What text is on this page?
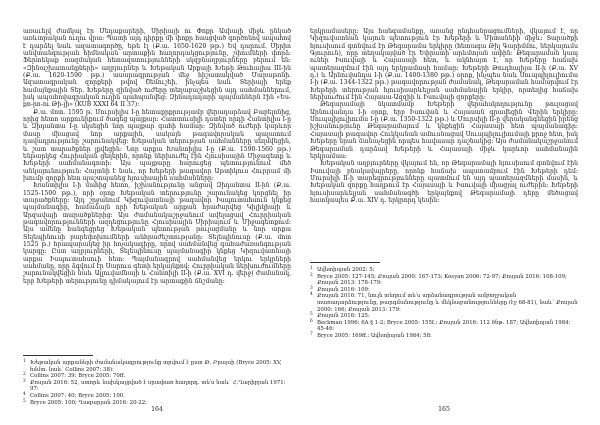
առաւելվ ժամկալ էր Մեդաքարերի, Սիրիայի ու Փոքր Ասիայի միջև ընկած առևտրական ուղու վրա։ Պատի այդ դիրքը մի փոքր հասցված գործոնով ապահով է դարձել նաև ազատագործը, եթե էլ (Ք.ա. 1650-1620 թթ.) Եվ դարում. Սիրիո անվտանգության հիմնական արտաքին հաղորդակցությունը, շփումների փորձ։ Ֆերտեկաք ռազմական հետազոտությունների սկզբնաղբյուրները բերում են։ «Զինաշխատանքների» աղբյուրներ և Խեթական Արքայի Խեթի Թուհալիա III-ին (Ք.ա. 1620-1590 թթ.) ասարագրության մեջ հիշատակված Մարաթոնի. Ազատագրական զորքերի թվով Շեմուշեի, ինչպես նաև Տերիայի երեք համայնքային Տեր. Խեթերը զինված ուժերը տեղաբաշխեցին այդ սահմաններում, իսկ ապահովագրական ուղին պահպանվեց։ Զինադադարի պայմաններն էին «Ես-քո-րո-ու Թի-յի» (KUB XXXI 64 II 37)։

Ք.ա. մոտ. 1595 թ. Մուրսիլիս I-ը հետաքրքրությամբ վերադարձավ Բաբելոնից, որից հետո արքունիքում ծագեց պայքար։ Հատտուսիլի դստեր որդի Հանտիլիս I-ը և Զիդանտա I-ը սկսեցին նոր պայքար գահի համար։ Զինված ուժերի կարևոր մասը միացավ նոր արքային, սակայն թագավորական պալատում դավադրությունը շարունակվեց։ Խեթական տերության սահմանները սեղմվեցին, և շատ տարածքներ լքվեցին։ Նոր արքա Խանտիլիս I-ը (Ք.ա. 1590-1560 թթ.) ենթարկեց Հուրիական ցեղերին, որոնք ներխուժել էին Հյուսիսային Միջագետք և Խեթերի սահմանագոտի։ Այս պայքարը հարուցեց պետությունում մեծ անկայունություն։ Հայտնի է նաև, որ Խեթերի թագավոր Աթտիկուս Հուրրամ մի խումբ զորքի հետ պաշտպանեց հյուսիսային սահմանները։

Խանտիլիս I-ի մահից հետո, իշխանությունը անցավ Զիդանտա II-ին (Ք.ա. 1525-1500 թթ.), որի օրոք Խեթական տերությունը շարունակեց կորցնել իր տարածքները։ Այդ շրջանում Կիզուվատնայի թագավոր Իսպուտահսուն կնքեց պայմանագիր, համաձայն որի Խեթական արքան հրաժարվեց Կիլիկիայի և Արզավայի տարածքներից։ Այս ժամանակաշրջանում ավելացավ Հուրրիական թագավորությունների ազդեցությունը Հյուսիսային Սիրիայում և Միջագետքում։ Այս ամենը հանգեցրեց Խեթական պետության թուլացմանը և նոր արքա Տելեպինուսի բարեփոխումների անհրաժեշտությանը։ Տելեպինուսը (Ք.ա. մոտ 1525 թ.) հրապարակեց իր հռչակագիրը, որով սահմանվեց գահաժառանգության կարգը։ Ըստ աղբյուրների, Տելեպինուսը պայմանագիր կնքեց Կիզուվատնայի արքա Իսպուտահսուի հետ։ Պայմանագրով սահմանվեց երկու երկրների սահմանը, որը ձգվում էր Սարուս գետի երկայնքով։ Հուրրիական ներխուժումները շարունակվեցին նաև Ալլուվամնայի և Հանտիլի II-ի (Ք.ա. XVI դ. վերջ) ժամանակ, երբ Խեթերի տերությունը դիմակայում էր արտաքին ճնշմանը։

1 Խեթական արքաների ժամանակագրությունը տրվում է ըստ Թ. Բրայսի (Bryce 2005: XV, հմմտ. նաև՝ Collins 2007: 38):
2 Collins 2007: 39; Bryce 2005: 70ff.
3 Քոսյան 2016: 52, ստորև նախկայցված է սրափառ հաղորդ. տե՛ս նաև՝ Հ.Ղարիբյան 1971: 97:
4 Collins 2007: 40; Bryce 2005: 100.
5 Bryce 2005: 100; Ղազարյան 2016: 20-22:
164

երկրամասերը։ Այս հանգամանքը, առանց ընդհանրացումների, վկայում է, որ Կիզուվատնան կայուն պետություն էր Խեթերի և Միտաննիի միջև։ Տարածքի հյուսիսում գտնվում էր Թեգարամա երկիրը (հետագա Թիլ Գարիմմու, ներկայումս Գյուրուն), որը տեղակայված էր Եփրատի արևմտյան ափին։ Թեգարաման կապ ուներ Իսուվայի և Հայասայի հետ, և ակնհայտ է, որ Խեթերը հաճախ պատերազմում էին այդ երկրամասի համար։ Խեթերի Թուդհալիյա II-ի (Ք.ա. XV դ.) և Արնուվանդա I-ի (Ք.ա. 1400-1380 թթ.) օրոք, ինչպես նաև Սուպպիլուլիումա I-ի (Ք.ա. 1344-1322 թթ.) թագավորության ժամանակ, Թեգարաման համարվում էր Խեթերի տերության հյուսիսարևելյան սահմանային երկիր, որտեղից հաճախ ներխուժում էին Հայասա-Ազզիի և Իսուվայի զորքերը։

Թեգարամայի նկատմամբ Խեթերի վերահսկողությունը թուլացավ Արնուվանդա I-ի օրոք, երբ Իսուվան և Հայասան գրավեցին Վերին երկիրը։ Սուպպիլուլիումա I-ը (Ք.ա. 1350-1322 թթ.) և Մուրսիլի II-ը վերականգնեցին իրենց իշխանությունը Թեգարամայում և կնքեցին Հայասայի հետ պայմանագիր։ Հայասայի թագավոր Հուկկանան ամուսնացավ Սուպպիլուլիումայի քրոջ հետ, իսկ Խեթերը նրան ճանաչեցին որպես հավասար դաշնակից։ Այս ժամանակաշրջանում Թեգարաման դարձավ Խեթերի և Հայասայի միջև կարևոր սահմանային երկրամաս։

Խեթական աղբյուրները վկայում են, որ Թեգարամայի հյուսիսում գտնվում էին Իսուվայի բնակավայրերը, որոնք հաճախ ապստամբում էին Խեթերի դեմ։ Մուրսիլի II-ի տարեգրությունները պատմում են այդ պատերազմների մասին, և Խեթական զորքը հաղթում էր Հայասայի և Իսուվայի միացյալ ուժերին։ Խեթերի հյուսիսարևելյան սահմանագծի երկայնքով Թեգարամայի դերը մեծացավ հատկապես Ք.ա. XIV դ. երկրորդ կեսին։

1 Ավետիսյան 2002: 5:
2 Bryce 2005: 127-145; Քոսյան 2000: 167-173; Kosyan 2006: 72-97; Քոսյան 2016: 108-109; Քոսյան 2013: 178-179:
3 Քոսյան 2016: 109:
4 Քոսյան 2016: 71, նույն տեղում տե՛ս արձանագրության ամբողջական տառադարձությունը, թարգմանությունը և մեկնաբանությունները (էջ 68-81), նաև՝ Քոսյան 2000: 166; Քոսյան 2013: 179:
5 Քոսյան 2016: 125:
6 Beckman 1996: 6A § 1-2; Bryce 2005: 155f.; Քոսյան 2016: 112 ծնթ. 187; Ավետիսյան 1984: 45-46:
7 Bryce 2005: 169ff.; Ավետիսյան 1984: 58:
165
